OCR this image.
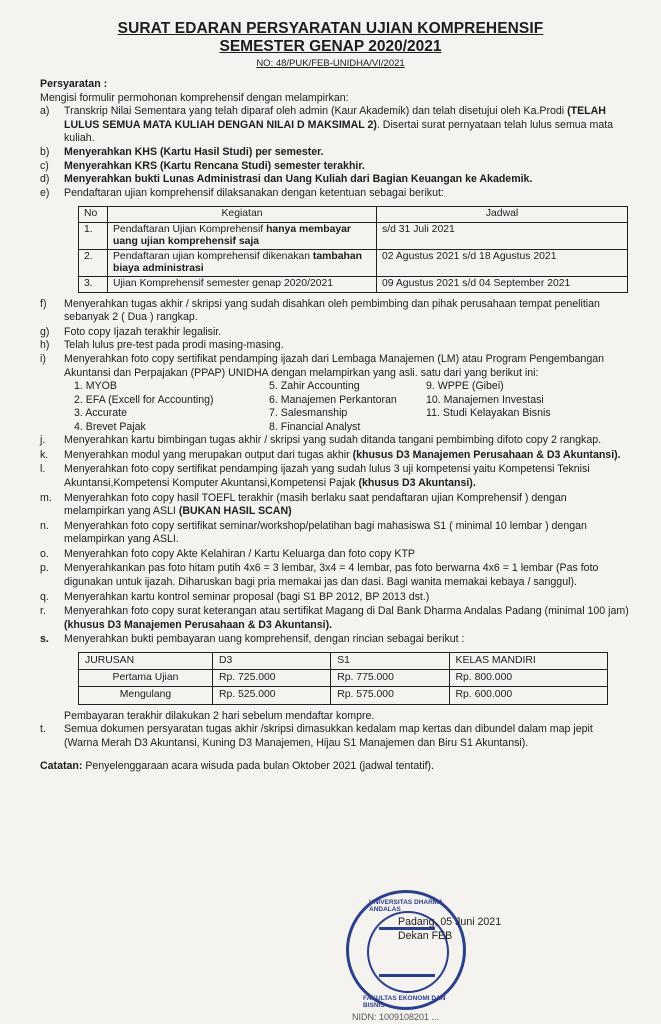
SURAT EDARAN PERSYARATAN UJIAN KOMPREHENSIF
SEMESTER GENAP 2020/2021
NO: 48/PUK/FEB-UNIDHA/VI/2021
Persyaratan :
Mengisi formulir permohonan komprehensif dengan melampirkan:
a) Transkrip Nilai Sementara yang telah diparaf oleh admin (Kaur Akademik) dan telah disetujui oleh Ka.Prodi (TELAH LULUS SEMUA MATA KULIAH DENGAN NILAI D MAKSIMAL 2). Disertai surat pernyataan telah lulus semua mata kuliah.
b) Menyerahkan KHS (Kartu Hasil Studi) per semester.
c) Menyerahkan KRS (Kartu Rencana Studi) semester terakhir.
d) Menyerahkan bukti Lunas Administrasi dan Uang Kuliah dari Bagian Keuangan ke Akademik.
e) Pendaftaran ujian komprehensif dilaksanakan dengan ketentuan sebagai berikut:
No	Kegiatan	Jadwal
1.	Pendaftaran Ujian Komprehensif hanya membayar uang ujian komprehensif saja	s/d 31 Juli 2021
2.	Pendaftaran ujian komprehensif dikenakan tambahan biaya administrasi	02 Agustus 2021 s/d 18 Agustus 2021
3.	Ujian Komprehensif semester genap 2020/2021	09 Agustus 2021 s/d 04 September 2021
f) Menyerahkan tugas akhir / skripsi yang sudah disahkan oleh pembimbing dan pihak perusahaan tempat penelitian sebanyak 2 ( Dua ) rangkap.
g) Foto copy Ijazah terakhir legalisir.
h) Telah lulus pre-test pada prodi masing-masing.
i) Menyerahkan foto copy sertifikat pendamping ijazah dari Lembaga Manajemen (LM) atau Program Pengembangan Akuntansi dan Perpajakan (PPAP) UNIDHA dengan melampirkan yang asli. satu dari yang berikut ini:
1. MYOB	5. Zahir Accounting	9. WPPE (Gibei)
2. EFA (Excell for Accounting)	6. Manajemen Perkantoran	10. Manajemen Investasi
3. Accurate	7. Salesmanship	11. Studi Kelayakan Bisnis
4. Brevet Pajak	8. Financial Analyst
j. Menyerahkan kartu bimbingan tugas akhir / skripsi yang sudah ditanda tangani pembimbing difoto copy 2 rangkap.
k. Menyerahkan modul yang merupakan output dari tugas akhir (khusus D3 Manajemen Perusahaan & D3 Akuntansi).
l. Menyerahkan foto copy sertifikat pendamping ijazah yang sudah lulus 3 uji kompetensi yaitu Kompetensi Teknisi Akuntansi,Kompetensi Komputer Akuntansi,Kompetensi Pajak (khusus D3 Akuntansi).
m. Menyerahkan foto copy hasil TOEFL terakhir (masih berlaku saat pendaftaran ujian Komprehensif ) dengan melampirkan yang ASLI (BUKAN HASIL SCAN)
n. Menyerahkan foto copy sertifikat seminar/workshop/pelatihan bagi mahasiswa S1 ( minimal 10 lembar ) dengan melampirkan yang ASLI.
o. Menyerahkan foto copy Akte Kelahiran / Kartu Keluarga dan foto copy KTP
p. Menyerahkankan pas foto hitam putih 4x6 = 3 lembar, 3x4 = 4 lembar, pas foto berwarna 4x6 = 1 lembar (Pas foto digunakan untuk ijazah. Diharuskan bagi pria memakai jas dan dasi. Bagi wanita memakai kebaya / sanggul).
q. Menyerahkan kartu kontrol seminar proposal (bagi S1 BP 2012, BP 2013 dst.)
r. Menyerahkan foto copy surat keterangan atau sertifikat Magang di Dal Bank Dharma Andalas Padang (minimal 100 jam) (khusus D3 Manajemen Perusahaan & D3 Akuntansi).
s. Menyerahkan bukti pembayaran uang komprehensif, dengan rincian sebagai berikut :
JURUSAN	D3	S1	KELAS MANDIRI
Pertama Ujian	Rp. 725.000	Rp. 775.000	Rp. 800.000
Mengulang	Rp. 525.000	Rp. 575.000	Rp. 600.000
Pembayaran terakhir dilakukan 2 hari sebelum mendaftar kompre.
t. Semua dokumen persyaratan tugas akhir /skripsi dimasukkan kedalam map kertas dan dibundel dalam map jepit (Warna Merah D3 Akuntansi, Kuning D3 Manajemen, Hijau S1 Manajemen dan Biru S1 Akuntansi).
Catatan: Penyelenggaraan acara wisuda pada bulan Oktober 2021 (jadwal tentatif).
UNIVERSITAS DHARMA ANDALAS
FAKULTAS EKONOMI DAN BISNIS
Padang, 05 Juni 2021
Dekan FEB
NIDN: 1009108201 ...
